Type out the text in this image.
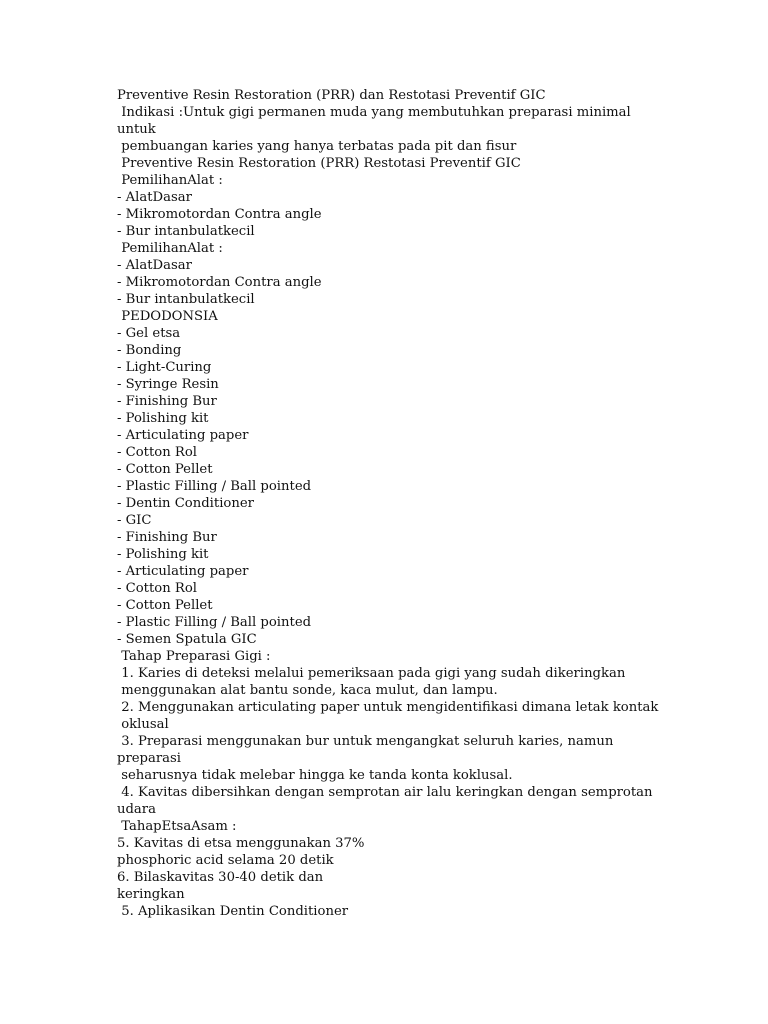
Preventive Resin Restoration (PRR) dan Restotasi Preventif GIC
Indikasi :Untuk gigi permanen muda yang membutuhkan preparasi minimal
untuk
pembuangan karies yang hanya terbatas pada pit dan fisur
Preventive Resin Restoration (PRR) Restotasi Preventif GIC
PemilihanAlat :
- AlatDasar
- Mikromotordan Contra angle
- Bur intanbulatkecil
PemilihanAlat :
- AlatDasar
- Mikromotordan Contra angle
- Bur intanbulatkecil
PEDODONSIA
- Gel etsa
- Bonding
- Light-Curing
- Syringe Resin
- Finishing Bur
- Polishing kit
- Articulating paper
- Cotton Rol
- Cotton Pellet
- Plastic Filling / Ball pointed
- Dentin Conditioner
- GIC
- Finishing Bur
- Polishing kit
- Articulating paper
- Cotton Rol
- Cotton Pellet
- Plastic Filling / Ball pointed
- Semen Spatula GIC
Tahap Preparasi Gigi :
1. Karies di deteksi melalui pemeriksaan pada gigi yang sudah dikeringkan
menggunakan alat bantu sonde, kaca mulut, dan lampu.
2. Menggunakan articulating paper untuk mengidentifikasi dimana letak kontak
oklusal
3. Preparasi menggunakan bur untuk mengangkat seluruh karies, namun
preparasi
seharusnya tidak melebar hingga ke tanda konta koklusal.
4. Kavitas dibersihkan dengan semprotan air lalu keringkan dengan semprotan
udara
TahapEtsaAsam :
5. Kavitas di etsa menggunakan 37%
phosphoric acid selama 20 detik
6. Bilaskavitas 30-40 detik dan
keringkan
5. Aplikasikan Dentin Conditioner
